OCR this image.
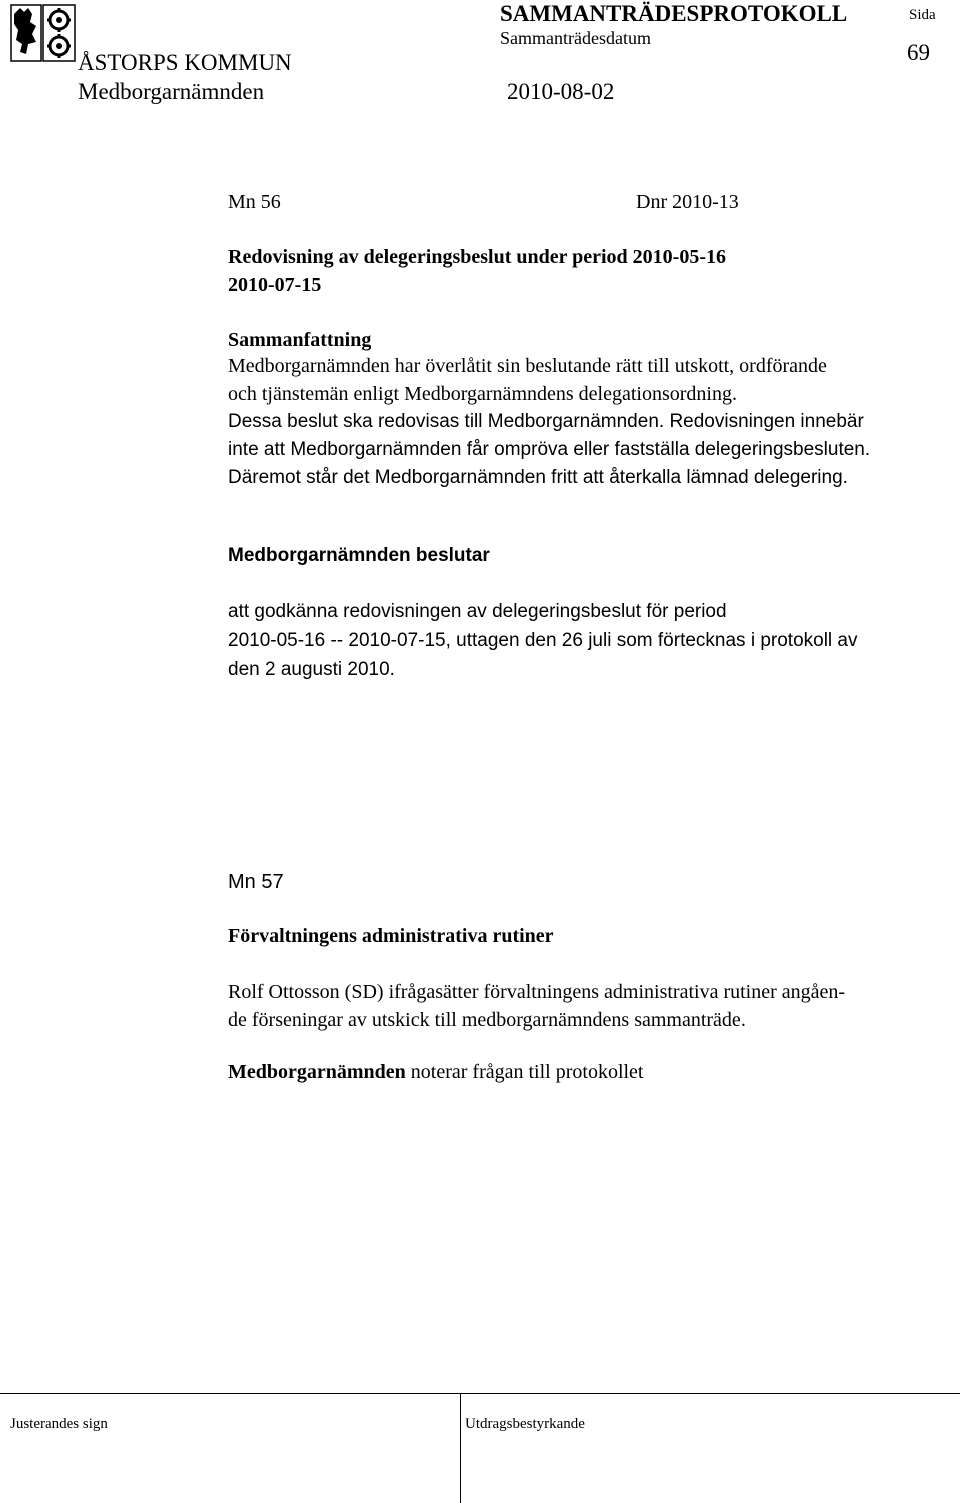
SAMMANTRÄDESPROTOKOLL	Sida
Sammanträdesdatum
69
ÅSTORPS KOMMUN
Medborgarnämnden	2010-08-02
Mn 56	Dnr 2010-13
Redovisning av delegeringsbeslut under period 2010-05-16
2010-07-15
Sammanfattning
Medborgarnämnden har överlåtit sin beslutande rätt till utskott, ordförande
och tjänstemän enligt Medborgarnämndens delegationsordning.
Dessa beslut ska redovisas till Medborgarnämnden. Redovisningen innebär
inte att Medborgarnämnden får ompröva eller fastställa delegeringsbesluten.
Däremot står det Medborgarnämnden fritt att återkalla lämnad delegering.
Medborgarnämnden beslutar
att godkänna redovisningen av delegeringsbeslut för period
2010-05-16 -- 2010-07-15, uttagen den 26 juli som förtecknas i protokoll av
den 2 augusti 2010.
Mn 57
Förvaltningens administrativa rutiner
Rolf Ottosson (SD) ifrågasätter förvaltningens administrativa rutiner angåen-
de förseningar av utskick till medborgarnämndens sammanträde.
Medborgarnämnden noterar frågan till protokollet
Justerandes sign	Utdragsbestyrkande
